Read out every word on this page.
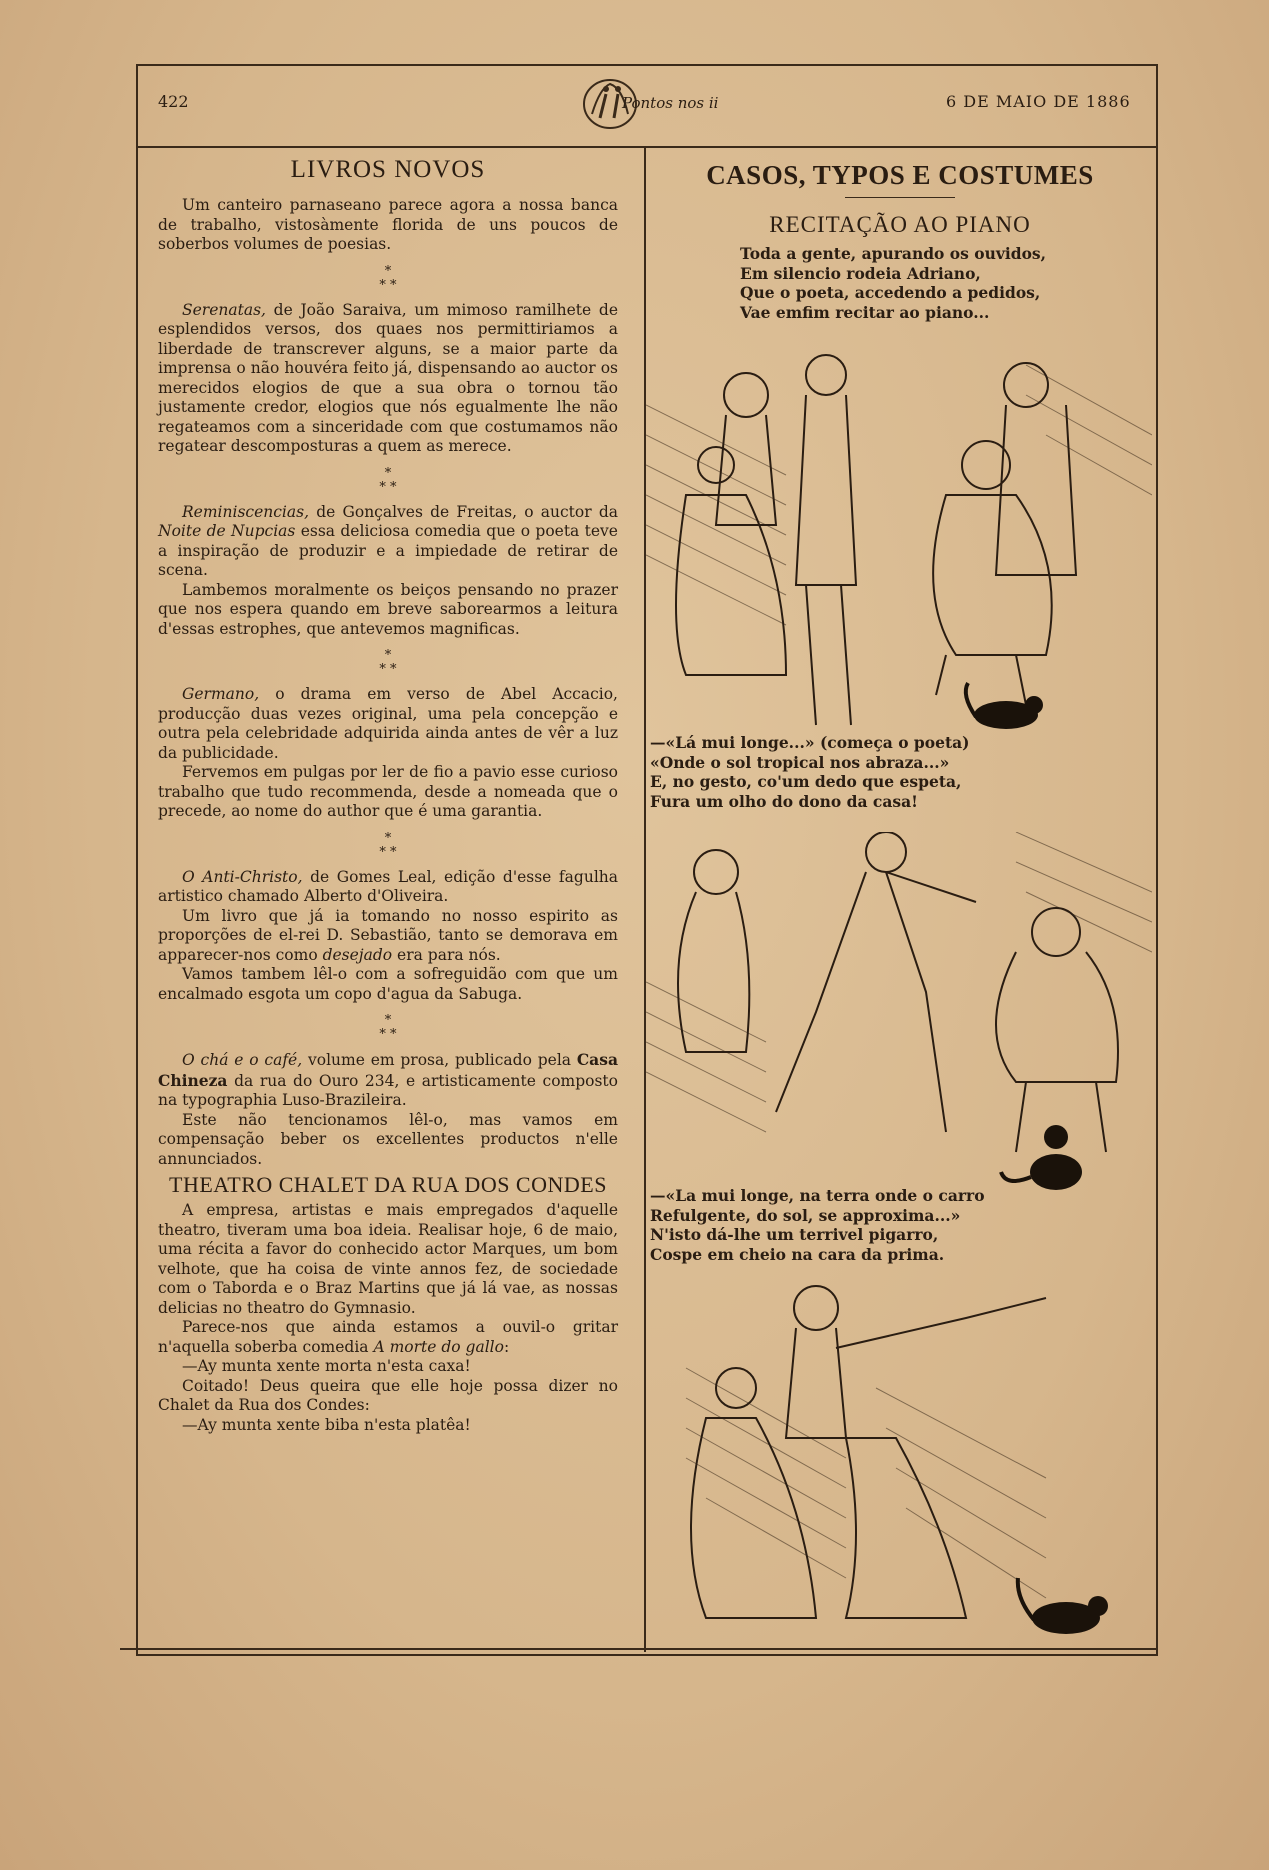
422	Pontos nos ii	6 DE MAIO DE 1886
LIVROS NOVOS

Um canteiro parnaseano parece agora a nossa banca de trabalho, vistosàmente florida de uns poucos de soberbos volumes de poesias.

*
* *

Serenatas, de João Saraiva, um mimoso ramilhete de esplendidos versos, dos quaes nos permittiriamos a liberdade de transcrever alguns, se a maior parte da imprensa o não houvéra feito já, dispensando ao auctor os merecidos elogios de que a sua obra o tornou tão justamente credor, elogios que nós egualmente lhe não regateamos com a sinceridade com que costumamos não regatear descomposturas a quem as merece.

*
* *

Reminiscencias, de Gonçalves de Freitas, o auctor da Noite de Nupcias essa deliciosa comedia que o poeta teve a inspiração de produzir e a impiedade de retirar de scena.

Lambemos moralmente os beiços pensando no prazer que nos espera quando em breve saborearmos a leitura d'essas estrophes, que antevemos magnificas.

*
* *

Germano, o drama em verso de Abel Accacio, producção duas vezes original, uma pela concepção e outra pela celebridade adquirida ainda antes de vêr a luz da publicidade.

Fervemos em pulgas por ler de fio a pavio esse curioso trabalho que tudo recommenda, desde a nomeada que o precede, ao nome do author que é uma garantia.

*
* *

O Anti-Christo, de Gomes Leal, edição d'esse fagulha artistico chamado Alberto d'Oliveira.

Um livro que já ia tomando no nosso espirito as proporções de el-rei D. Sebastião, tanto se demorava em apparecer-nos como desejado era para nós.

Vamos tambem lêl-o com a sofreguidão com que um encalmado esgota um copo d'agua da Sabuga.

*
* *

O chá e o café, volume em prosa, publicado pela Casa Chineza da rua do Ouro 234, e artisticamente composto na typographia Luso-Brazileira.

Este não tencionamos lêl-o, mas vamos em compensação beber os excellentes productos n'elle annunciados.

THEATRO CHALET DA RUA DOS CONDES

A empresa, artistas e mais empregados d'aquelle theatro, tiveram uma boa ideia. Realisar hoje, 6 de maio, uma récita a favor do conhecido actor Marques, um bom velhote, que ha coisa de vinte annos fez, de sociedade com o Taborda e o Braz Martins que já lá vae, as nossas delicias no theatro do Gymnasio.

Parece-nos que ainda estamos a ouvil-o gritar n'aquella soberba comedia A morte do gallo:

—Ay munta xente morta n'esta caxa!

Coitado! Deus queira que elle hoje possa dizer no Chalet da Rua dos Condes:

—Ay munta xente biba n'esta platêa!

CASOS, TYPOS E COSTUMES
RECITAÇÃO AO PIANO
Toda a gente, apurando os ouvidos,
Em silencio rodeia Adriano,
Que o poeta, accedendo a pedidos,
Vae emfim recitar ao piano...
—«Lá mui longe...» (começa o poeta)
«Onde o sol tropical nos abraza...»
E, no gesto, co'um dedo que espeta,
Fura um olho do dono da casa!
—«La mui longe, na terra onde o carro
Refulgente, do sol, se approxima...»
N'isto dá-lhe um terrivel pigarro,
Cospe em cheio na cara da prima.
